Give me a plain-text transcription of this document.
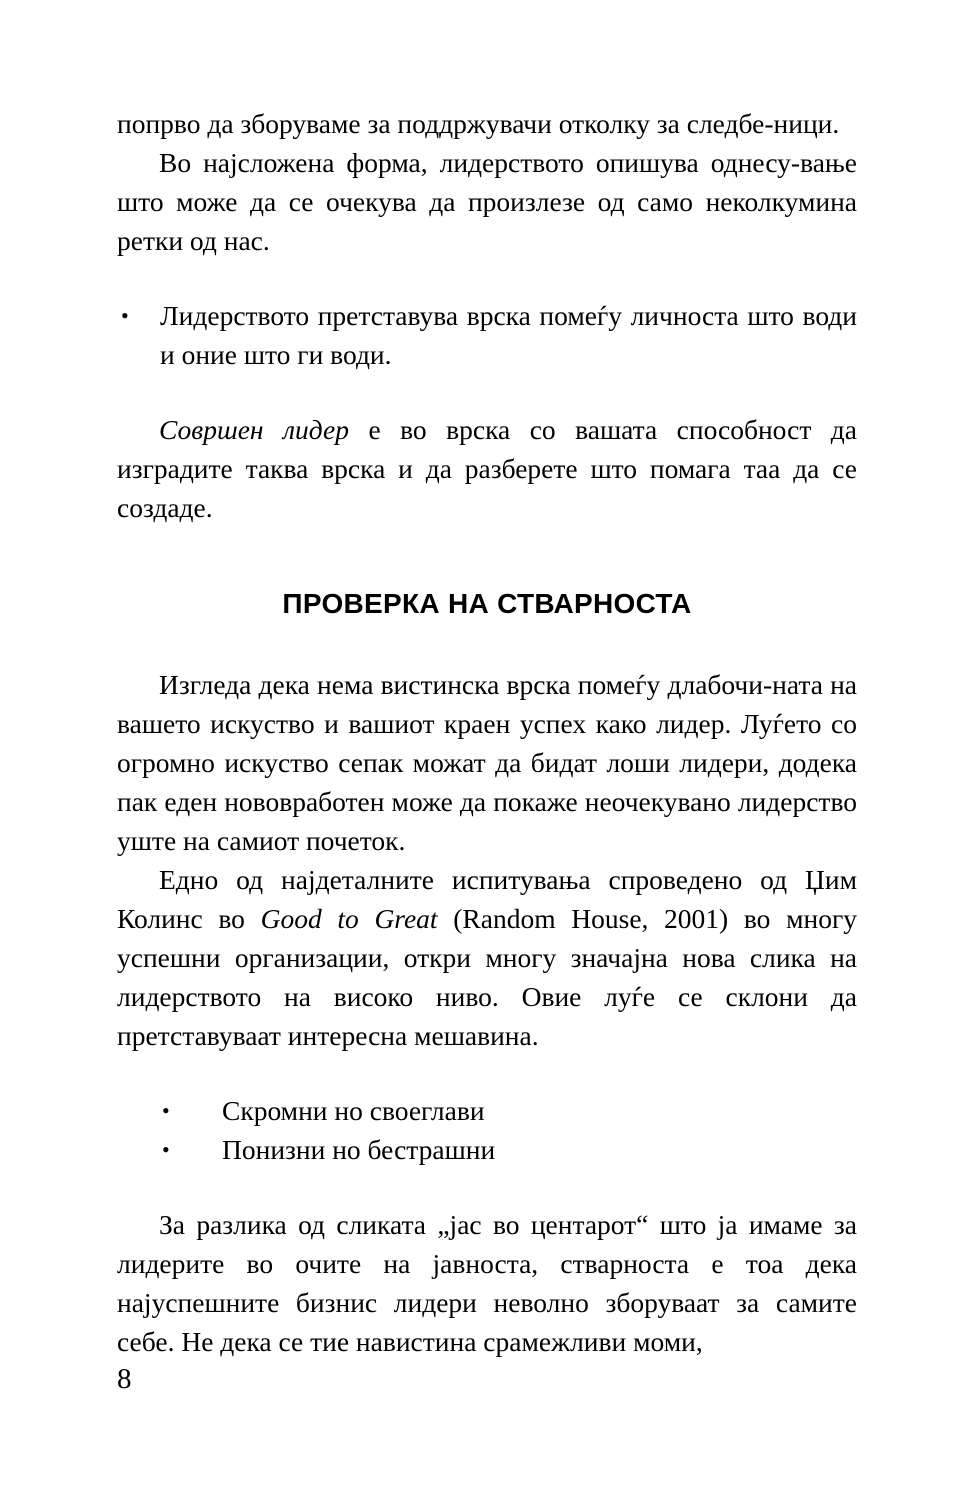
попрво да зборуваме за поддржувачи отколку за следбе-ници.

Во најсложена форма, лидерството опишува однесу-вање што може да се очекува да произлезе од само неколкумина ретки од нас.

• Лидерството претставува врска помеѓу личноста што води и оние што ги води.

Совршен лидер е во врска со вашата способност да изградите таква врска и да разберете што помага таа да се создаде.

ПРОВЕРКА НА СТВАРНОСТА

Изгледа дека нема вистинска врска помеѓу длабочи-ната на вашето искуство и вашиот краен успех како лидер. Луѓето со огромно искуство сепак можат да бидат лоши лидери, додека пак еден нововработен може да покаже неочекувано лидерство уште на самиот почеток.

Едно од најдеталните испитувања спроведено од Џим Колинс во Good to Great (Random House, 2001) во многу успешни организации, откри многу значајна нова слика на лидерството на високо ниво. Овие луѓе се склони да претставуваат интересна мешавина.

• Скромни но своеглави
• Понизни но бестрашни

За разлика од сликата „јас во центарот“ што ја имаме за лидерите во очите на јавноста, стварноста е тоа дека најуспешните бизнис лидери неволно зборуваат за самите себе. Не дека се тие навистина срамежливи моми,

8
